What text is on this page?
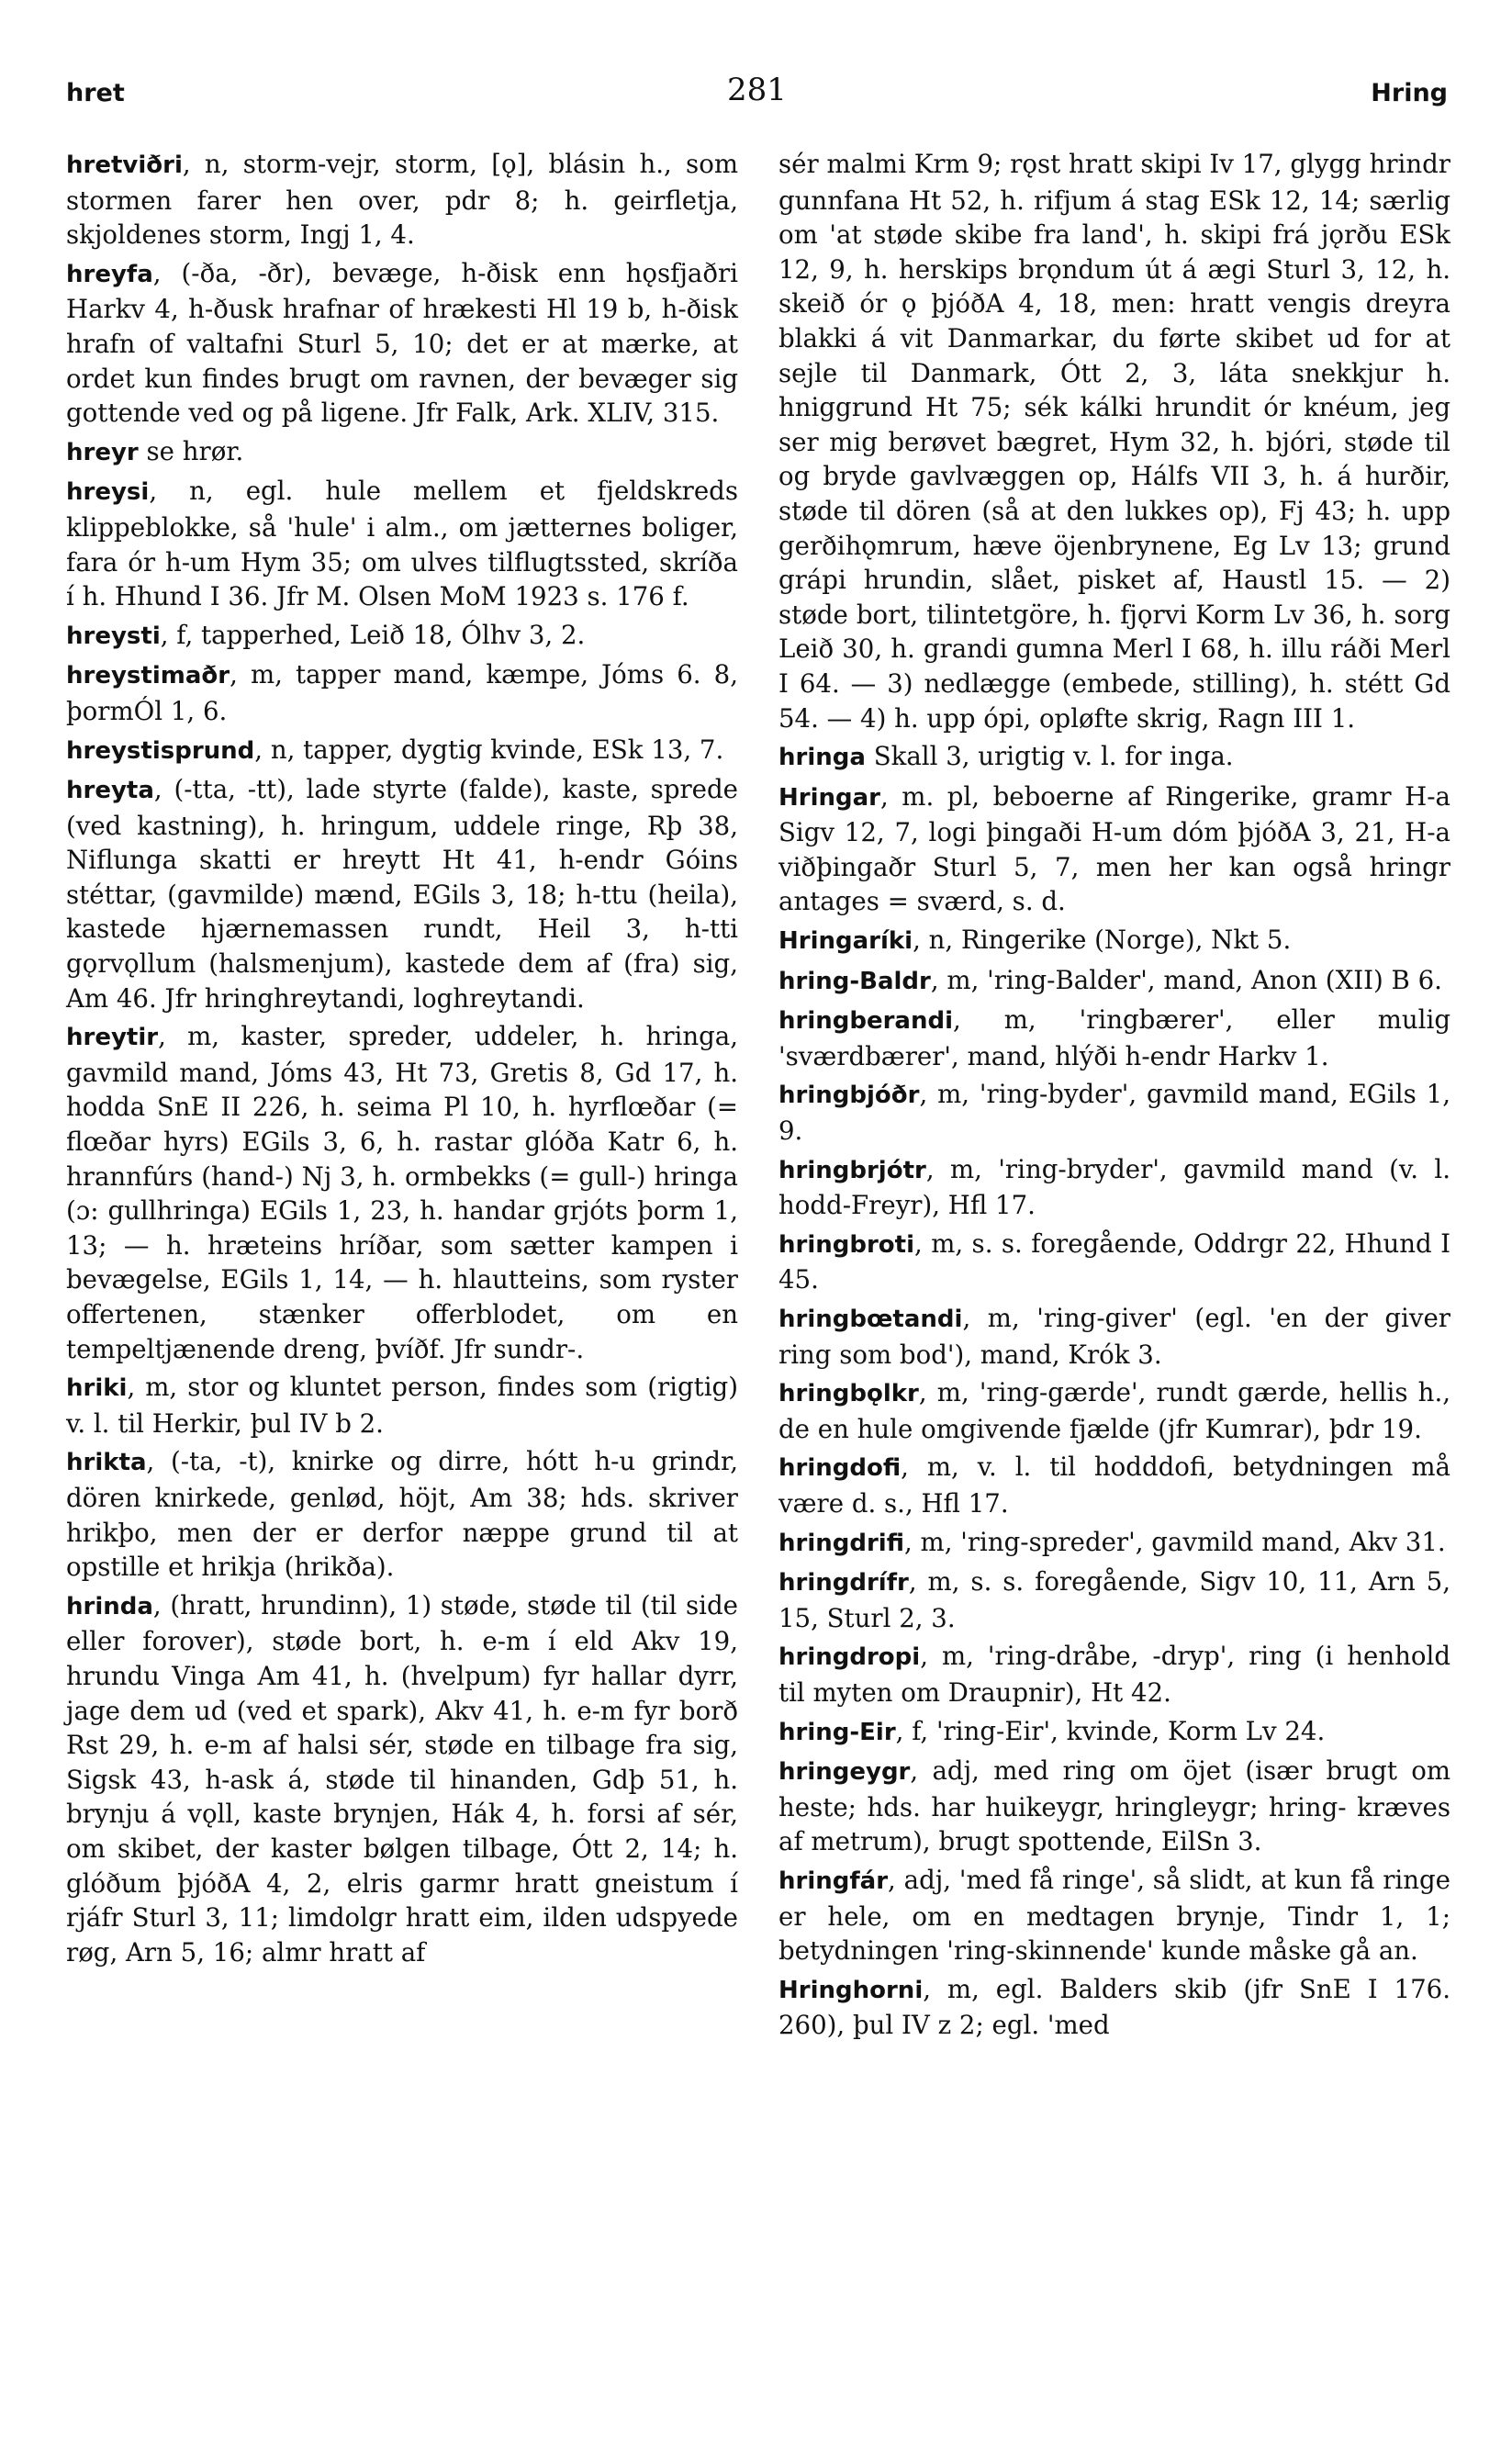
hret	281	Hring

hretviðri, n, storm-vejr, storm, [ǫ], blásin h., som stormen farer hen over, pdr 8; h. geirfletja, skjoldenes storm, Ingj 1, 4.

hreyfa, (-ða, -ðr), bevæge, h-ðisk enn hǫsfjaðri Harkv 4, h-ðusk hrafnar of hrækesti Hl 19 b, h-ðisk hrafn of valtafni Sturl 5, 10; det er at mærke, at ordet kun findes brugt om ravnen, der bevæger sig gottende ved og på ligene. Jfr Falk, Ark. XLIV, 315.

hreyr se hrør.

hreysi, n, egl. hule mellem et fjeldskreds klippeblokke, så 'hule' i alm., om jætternes boliger, fara ór h-um Hym 35; om ulves tilflugtssted, skríða í h. Hhund I 36. Jfr M. Olsen MoM 1923 s. 176 f.

hreysti, f, tapperhed, Leið 18, Ólhv 3, 2.

hreystimaðr, m, tapper mand, kæmpe, Jóms 6. 8, þormÓl 1, 6.

hreystisprund, n, tapper, dygtig kvinde, ESk 13, 7.

hreyta, (-tta, -tt), lade styrte (falde), kaste, sprede (ved kastning), h. hringum, uddele ringe, Rþ 38, Niflunga skatti er hreytt Ht 41, h-endr Góins stéttar, (gavmilde) mænd, EGils 3, 18; h-ttu (heila), kastede hjærnemassen rundt, Heil 3, h-tti gǫrvǫllum (halsmenjum), kastede dem af (fra) sig, Am 46. Jfr hringhreytandi, loghreytandi.

hreytir, m, kaster, spreder, uddeler, h. hringa, gavmild mand, Jóms 43, Ht 73, Gretis 8, Gd 17, h. hodda SnE II 226, h. seima Pl 10, h. hyrflœðar (= flœðar hyrs) EGils 3, 6, h. rastar glóða Katr 6, h. hrannfúrs (hand-) Nj 3, h. ormbekks (= gull-) hringa (ɔ: gullhringa) EGils 1, 23, h. handar grjóts þorm 1, 13; — h. hræteins hríðar, som sætter kampen i bevægelse, EGils 1, 14, — h. hlautteins, som ryster offertenen, stænker offerblodet, om en tempeltjænende dreng, þvíðf. Jfr sundr-.

hriki, m, stor og kluntet person, findes som (rigtig) v. l. til Herkir, þul IV b 2.

hrikta, (-ta, -t), knirke og dirre, hótt h-u grindr, dören knirkede, genlød, höjt, Am 38; hds. skriver hrikþo, men der er derfor næppe grund til at opstille et hrikja (hrikða).

hrinda, (hratt, hrundinn), 1) støde, støde til (til side eller forover), støde bort, h. e-m í eld Akv 19, hrundu Vinga Am 41, h. (hvelpum) fyr hallar dyrr, jage dem ud (ved et spark), Akv 41, h. e-m fyr borð Rst 29, h. e-m af halsi sér, støde en tilbage fra sig, Sigsk 43, h-ask á, støde til hinanden, Gdþ 51, h. brynju á vǫll, kaste brynjen, Hák 4, h. forsi af sér, om skibet, der kaster bølgen tilbage, Ótt 2, 14; h. glóðum þjóðA 4, 2, elris garmr hratt gneistum í rjáfr Sturl 3, 11; limdolgr hratt eim, ilden udspyede røg, Arn 5, 16; almr hratt af

sér malmi Krm 9; rǫst hratt skipi Iv 17, glygg hrindr gunnfana Ht 52, h. rifjum á stag ESk 12, 14; særlig om 'at støde skibe fra land', h. skipi frá jǫrðu ESk 12, 9, h. herskips brǫndum út á ægi Sturl 3, 12, h. skeið ór ǫ þjóðA 4, 18, men: hratt vengis dreyra blakki á vit Danmarkar, du førte skibet ud for at sejle til Danmark, Ótt 2, 3, láta snekkjur h. hniggrund Ht 75; sék kálki hrundit ór knéum, jeg ser mig berøvet bægret, Hym 32, h. bjóri, støde til og bryde gavlvæggen op, Hálfs VII 3, h. á hurðir, støde til dören (så at den lukkes op), Fj 43; h. upp gerðihǫmrum, hæve öjenbrynene, Eg Lv 13; grund grápi hrundin, slået, pisket af, Haustl 15. — 2) støde bort, tilintetgöre, h. fjǫrvi Korm Lv 36, h. sorg Leið 30, h. grandi gumna Merl I 68, h. illu ráði Merl I 64. — 3) nedlægge (embede, stilling), h. stétt Gd 54. — 4) h. upp ópi, opløfte skrig, Ragn III 1.

hringa Skall 3, urigtig v. l. for inga.

Hringar, m. pl, beboerne af Ringerike, gramr H-a Sigv 12, 7, logi þingaði H-um dóm þjóðA 3, 21, H-a viðþingaðr Sturl 5, 7, men her kan også hringr antages = sværd, s. d.

Hringaríki, n, Ringerike (Norge), Nkt 5.

hring-Baldr, m, 'ring-Balder', mand, Anon (XII) B 6.

hringberandi, m, 'ringbærer', eller mulig 'sværdbærer', mand, hlýði h-endr Harkv 1.

hringbjóðr, m, 'ring-byder', gavmild mand, EGils 1, 9.

hringbrjótr, m, 'ring-bryder', gavmild mand (v. l. hodd-Freyr), Hfl 17.

hringbroti, m, s. s. foregående, Oddrgr 22, Hhund I 45.

hringbœtandi, m, 'ring-giver' (egl. 'en der giver ring som bod'), mand, Krók 3.

hringbǫlkr, m, 'ring-gærde', rundt gærde, hellis h., de en hule omgivende fjælde (jfr Kumrar), þdr 19.

hringdofi, m, v. l. til hodddofi, betydningen må være d. s., Hfl 17.

hringdrifi, m, 'ring-spreder', gavmild mand, Akv 31.

hringdrífr, m, s. s. foregående, Sigv 10, 11, Arn 5, 15, Sturl 2, 3.

hringdropi, m, 'ring-dråbe, -dryp', ring (i henhold til myten om Draupnir), Ht 42.

hring-Eir, f, 'ring-Eir', kvinde, Korm Lv 24.

hringeygr, adj, med ring om öjet (især brugt om heste; hds. har huikeygr, hringleygr; hring- kræves af metrum), brugt spottende, EilSn 3.

hringfár, adj, 'med få ringe', så slidt, at kun få ringe er hele, om en medtagen brynje, Tindr 1, 1; betydningen 'ring-skinnende' kunde måske gå an.

Hringhorni, m, egl. Balders skib (jfr SnE I 176. 260), þul IV z 2; egl. 'med
